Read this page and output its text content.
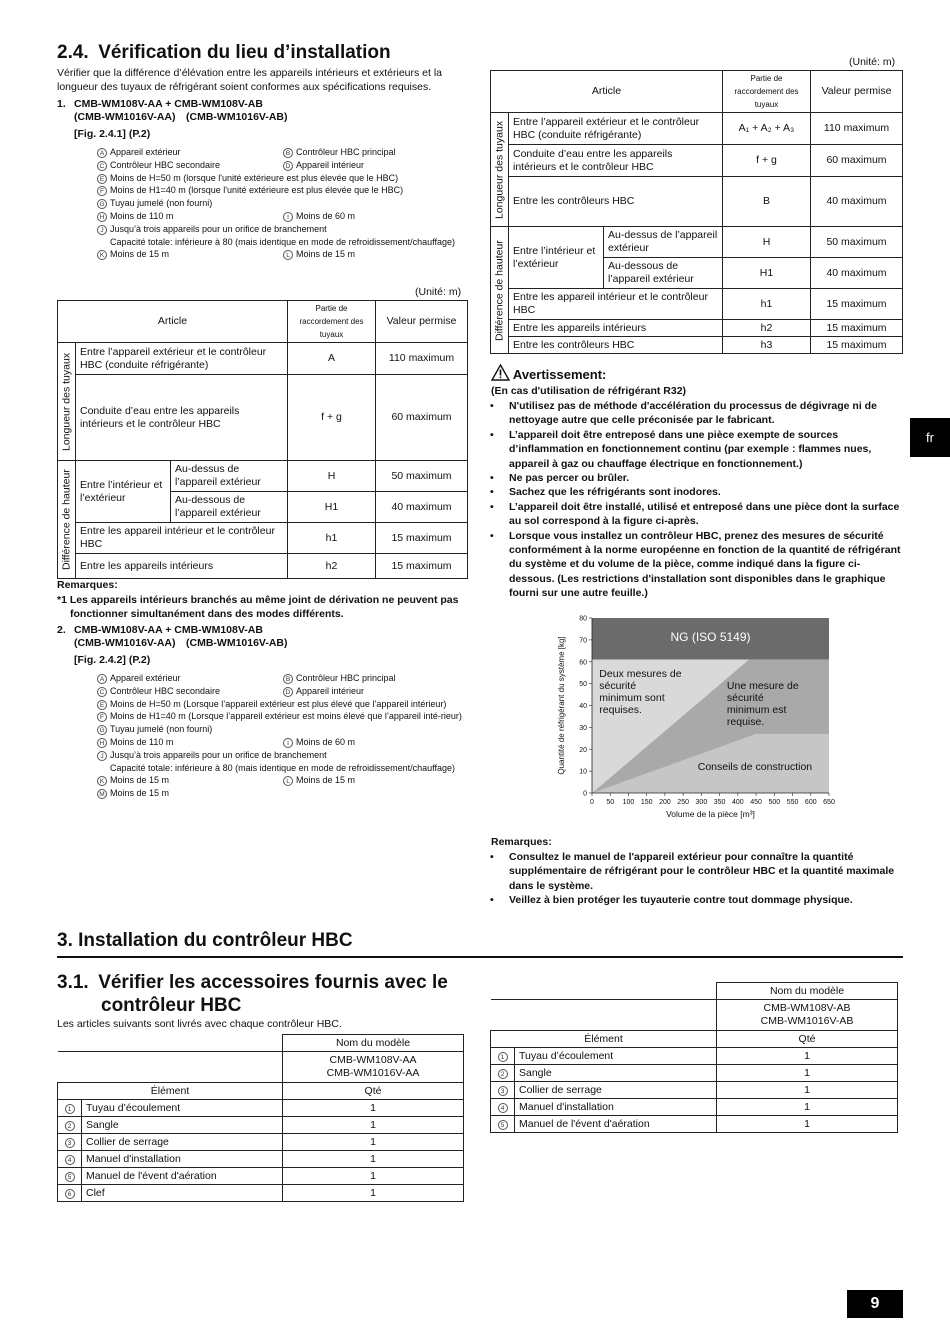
2.4. Vérification du lieu d’installation
Vérifier que la différence d’élévation entre les appareils intérieurs et extérieurs et la longueur des tuyaux de réfrigérant soient conformes aux spécifications requises.
1. CMB-WM108V-AA + CMB-WM108V-AB
(CMB-WM1016V-AA) (CMB-WM1016V-AB)
[Fig. 2.4.1] (P.2)
A Appareil extérieur	B Contrôleur HBC principal
C Contrôleur HBC secondaire	D Appareil intérieur
E Moins de H=50 m (lorsque l'unité extérieure est plus élevée que le HBC)
F Moins de H1=40 m (lorsque l'unité extérieure est plus élevée que le HBC)
G Tuyau jumelé (non fourni)
H Moins de 110 m	I Moins de 60 m
J Jusqu’à trois appareils pour un orifice de branchement
Capacité totale: inférieure à 80 (mais identique en mode de refroidissement/chauffage)
K Moins de 15 m	L Moins de 15 m
(Unité: m)
Article			Partie de raccordement des tuyaux	Valeur permise
Longueur des tuyaux	Entre l’appareil extérieur et le contrôleur HBC (conduite réfrigérante)		A	110 maximum
	Conduite d’eau entre les appareils intérieurs et le contrôleur HBC		f + g	60 maximum
Différence de hauteur	Entre l’intérieur et l’extérieur	Au-dessus de l’appareil extérieur	H	50 maximum
		Au-dessous de l’appareil extérieur	H1	40 maximum
	Entre les appareil intérieur et le contrôleur HBC		h1	15 maximum
	Entre les appareils intérieurs		h2	15 maximum
Remarques:
*1 Les appareils intérieurs branchés au même joint de dérivation ne peuvent pas fonctionner simultanément dans des modes différents.
2. CMB-WM108V-AA + CMB-WM108V-AB
(CMB-WM1016V-AA) (CMB-WM1016V-AB)
[Fig. 2.4.2] (P.2)
A Appareil extérieur	B Contrôleur HBC principal
C Contrôleur HBC secondaire	D Appareil intérieur
E Moins de H=50 m (Lorsque l’appareil extérieur est plus élevé que l’appareil intérieur)
F Moins de H1=40 m (Lorsque l’appareil extérieur est moins élevé que l’appareil inté-rieur)
G Tuyau jumelé (non fourni)
H Moins de 110 m	I Moins de 60 m
J Jusqu’à trois appareils pour un orifice de branchement
Capacité totale: inférieure à 80 (mais identique en mode de refroidissement/chauffage)
K Moins de 15 m	L Moins de 15 m
M Moins de 15 m
(Unité: m)
Article			Partie de raccordement des tuyaux	Valeur permise
Longueur des tuyaux	Entre l’appareil extérieur et le contrôleur HBC (conduite réfrigérante)		A₁ + A₂ + A₃	110 maximum
	Conduite d’eau entre les appareils intérieurs et le contrôleur HBC		f + g	60 maximum
	Entre les contrôleurs HBC		B	40 maximum
Différence de hauteur	Entre l’intérieur et l’extérieur	Au-dessus de l’appareil extérieur	H	50 maximum
		Au-dessous de l’appareil extérieur	H1	40 maximum
	Entre les appareil intérieur et le contrôleur HBC		h1	15 maximum
	Entre les appareils intérieurs		h2	15 maximum
	Entre les contrôleurs HBC		h3	15 maximum
Avertissement:
(En cas d'utilisation de réfrigérant R32)
• N'utilisez pas de méthode d'accélération du processus de dégivrage ni de nettoyage autre que celle préconisée par le fabricant.
• L’appareil doit être entreposé dans une pièce exempte de sources d’inflammation en fonctionnement continu (par exemple : flammes nues, appareil à gaz ou chauffage électrique en fonctionnement.)
• Ne pas percer ou brûler.
• Sachez que les réfrigérants sont inodores.
• L’appareil doit être installé, utilisé et entreposé dans une pièce dont la surface au sol correspond à la figure ci-après.
• Lorsque vous installez un contrôleur HBC, prenez des mesures de sécurité conformément à la norme européenne en fonction de la quantité de réfrigérant du système et du volume de la pièce, comme indiqué dans la figure ci-dessous. (Les restrictions d'installation sont disponibles dans le graphique fourni sur une autre feuille.)
NG (ISO 5149)
Deux mesures de sécurité minimum sont requises.
Une mesure de sécurité minimum est requise.
Conseils de construction
0 50 100 150 200 250 300 350 400 450 500 550 600 650
0
10
20
30
40
50
60
70
80
Volume de la pièce [m³]
Quantité de réfrigérant du système [kg]
Remarques:
• Consultez le manuel de l'appareil extérieur pour connaître la quantité supplémentaire de réfrigérant pour le contrôleur HBC et la quantité maximale dans le système.
• Veillez à bien protéger les tuyauterie contre tout dommage physique.
3. Installation du contrôleur HBC
3.1. Vérifier les accessoires fournis avec le
contrôleur HBC
Les articles suivants sont livrés avec chaque contrôleur HBC.
		Nom du modèle

		CMB-WM108V-AA
CMB-WM1016V-AA

Élément		Qté
1	Tuyau d’écoulement	1
2	Sangle	1
3	Collier de serrage	1
4	Manuel d'installation	1
5	Manuel de l'évent d'aération	1
6	Clef	1
		Nom du modèle

		CMB-WM108V-AB
CMB-WM1016V-AB

Élément		Qté
1	Tuyau d’écoulement	1
2	Sangle	1
3	Collier de serrage	1
4	Manuel d'installation	1
5	Manuel de l'évent d'aération	1
fr
9
